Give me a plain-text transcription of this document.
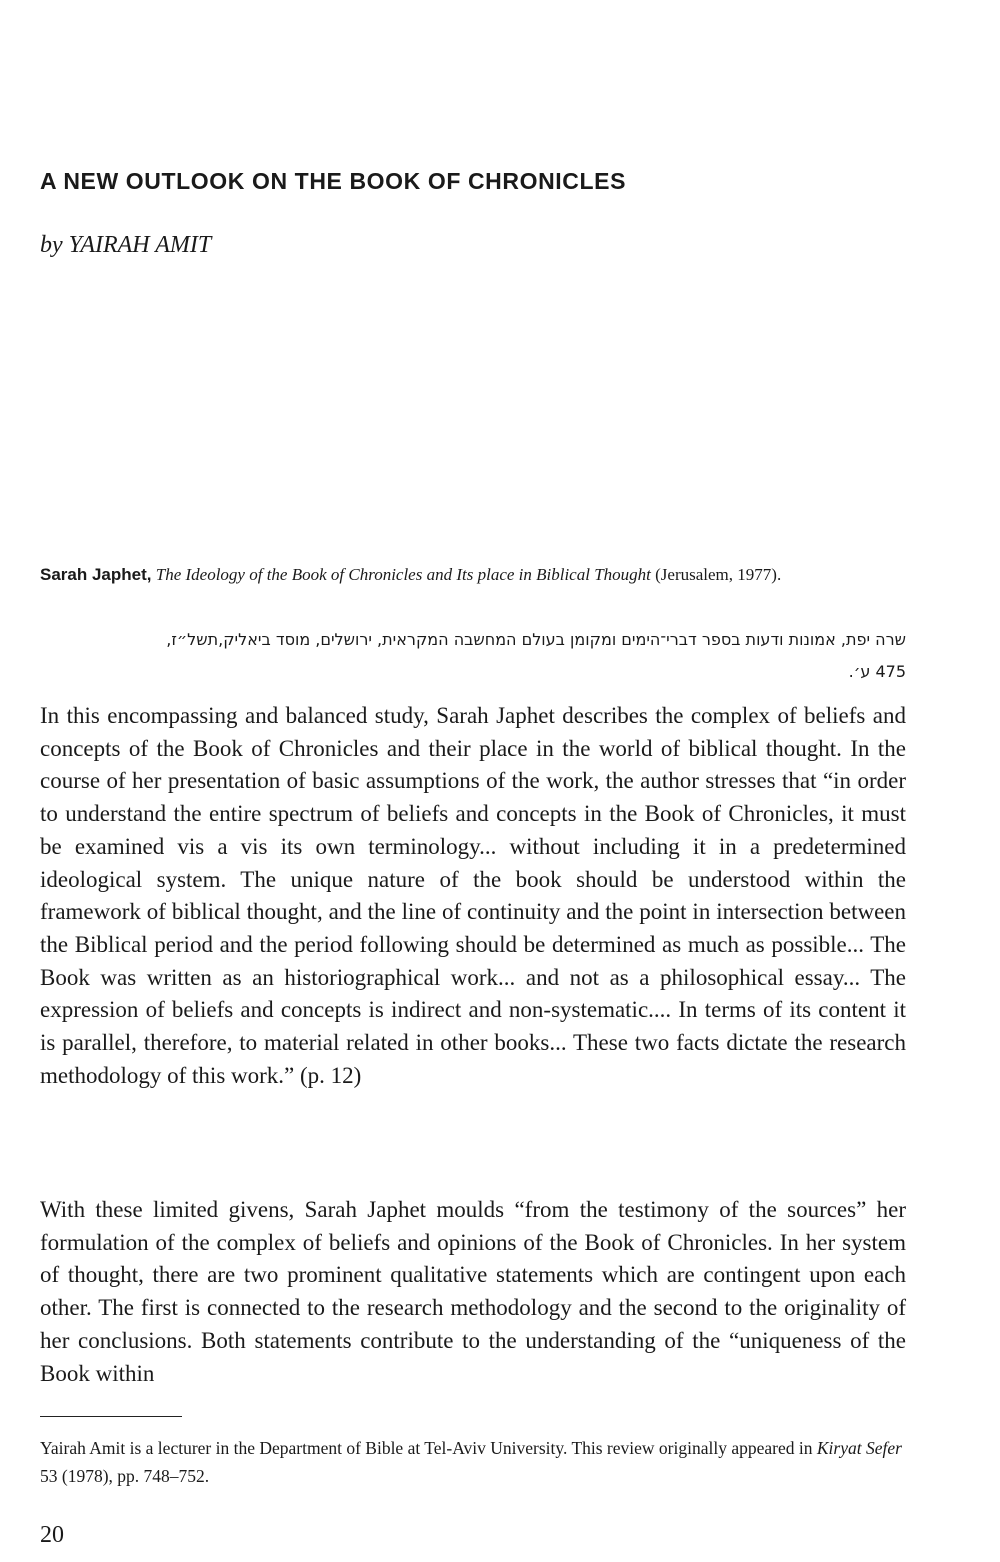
A NEW OUTLOOK ON THE BOOK OF CHRONICLES

by YAIRAH AMIT

Sarah Japhet, The Ideology of the Book of Chronicles and Its place in Biblical Thought (Jerusalem, 1977).
שרה יפת, אמונות ודעות בספר דברי־הימים ומקומן בעולם המחשבה המקראית, ירושלים, מוסד ביאליק,תשל״ז,
475 ע׳.

In this encompassing and balanced study, Sarah Japhet describes the complex of beliefs and concepts of the Book of Chronicles and their place in the world of biblical thought. In the course of her presentation of basic assumptions of the work, the author stresses that “in order to understand the entire spectrum of beliefs and concepts in the Book of Chronicles, it must be examined vis a vis its own terminology... without including it in a predetermined ideological system. The unique nature of the book should be understood within the framework of biblical thought, and the line of continuity and the point in intersection between the Biblical period and the period following should be determined as much as possible... The Book was written as an historiographical work... and not as a philosophical essay... The expression of beliefs and concepts is indirect and non-systematic.... In terms of its content it is parallel, therefore, to material related in other books... These two facts dictate the research methodology of this work.” (p. 12)

With these limited givens, Sarah Japhet moulds “from the testimony of the sources” her formulation of the complex of beliefs and opinions of the Book of Chronicles. In her system of thought, there are two prominent qualitative statements which are contingent upon each other. The first is connected to the research methodology and the second to the originality of her conclusions. Both statements contribute to the understanding of the “uniqueness of the Book within

Yairah Amit is a lecturer in the Department of Bible at Tel-Aviv University. This review originally appeared in Kiryat Sefer 53 (1978), pp. 748–752.

20
